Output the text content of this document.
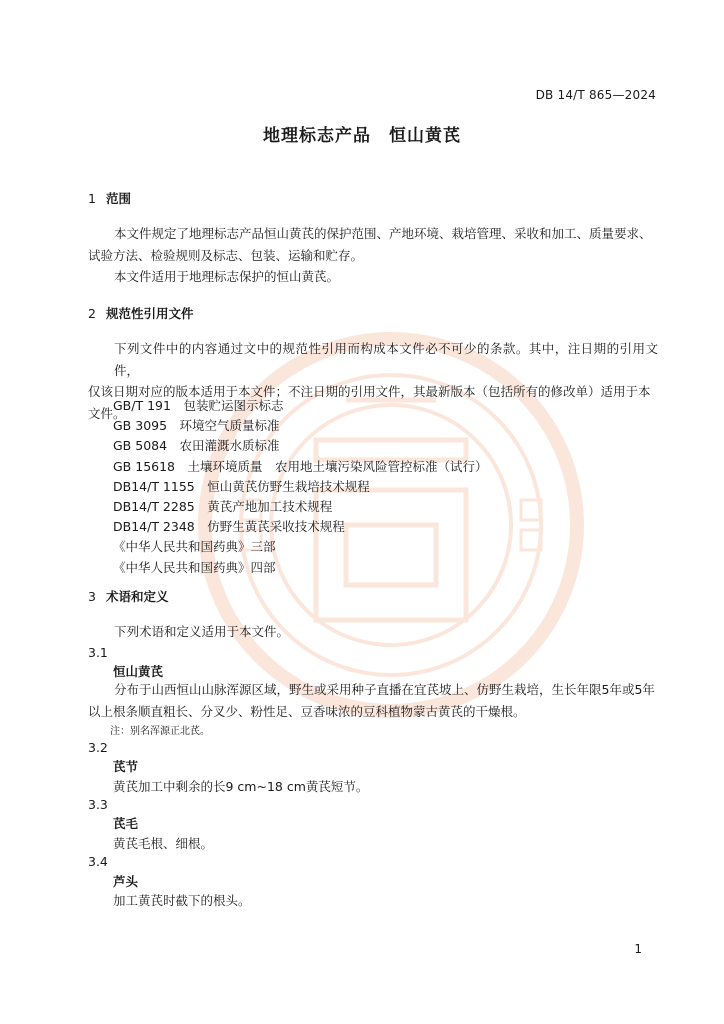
DB 14/T 865—2024
地理标志产品　恒山黄芪
1 范围
本文件规定了地理标志产品恒山黄芪的保护范围、产地环境、栽培管理、采收和加工、质量要求、
试验方法、检验规则及标志、包装、运输和贮存。
本文件适用于地理标志保护的恒山黄芪。
2 规范性引用文件
下列文件中的内容通过文中的规范性引用而构成本文件必不可少的条款。其中，注日期的引用文件，
仅该日期对应的版本适用于本文件；不注日期的引用文件，其最新版本（包括所有的修改单）适用于本
文件。
GB/T 191　包装贮运图示标志
GB 3095　环境空气质量标准
GB 5084　农田灌溉水质标准
GB 15618　土壤环境质量　农用地土壤污染风险管控标准（试行）
DB14/T 1155　恒山黄芪仿野生栽培技术规程
DB14/T 2285　黄芪产地加工技术规程
DB14/T 2348　仿野生黄芪采收技术规程
《中华人民共和国药典》三部
《中华人民共和国药典》四部
3 术语和定义
下列术语和定义适用于本文件。
3.1
恒山黄芪
分布于山西恒山山脉浑源区域，野生或采用种子直播在宜芪坡上、仿野生栽培，生长年限5年或5年
以上根条顺直粗长、分叉少、粉性足、豆香味浓的豆科植物蒙古黄芪的干燥根。
注：别名浑源正北芪。
3.2
芪节
黄芪加工中剩余的长9 cm~18 cm黄芪短节。
3.3
芪毛
黄芪毛根、细根。
3.4
芦头
加工黄芪时截下的根头。
1
